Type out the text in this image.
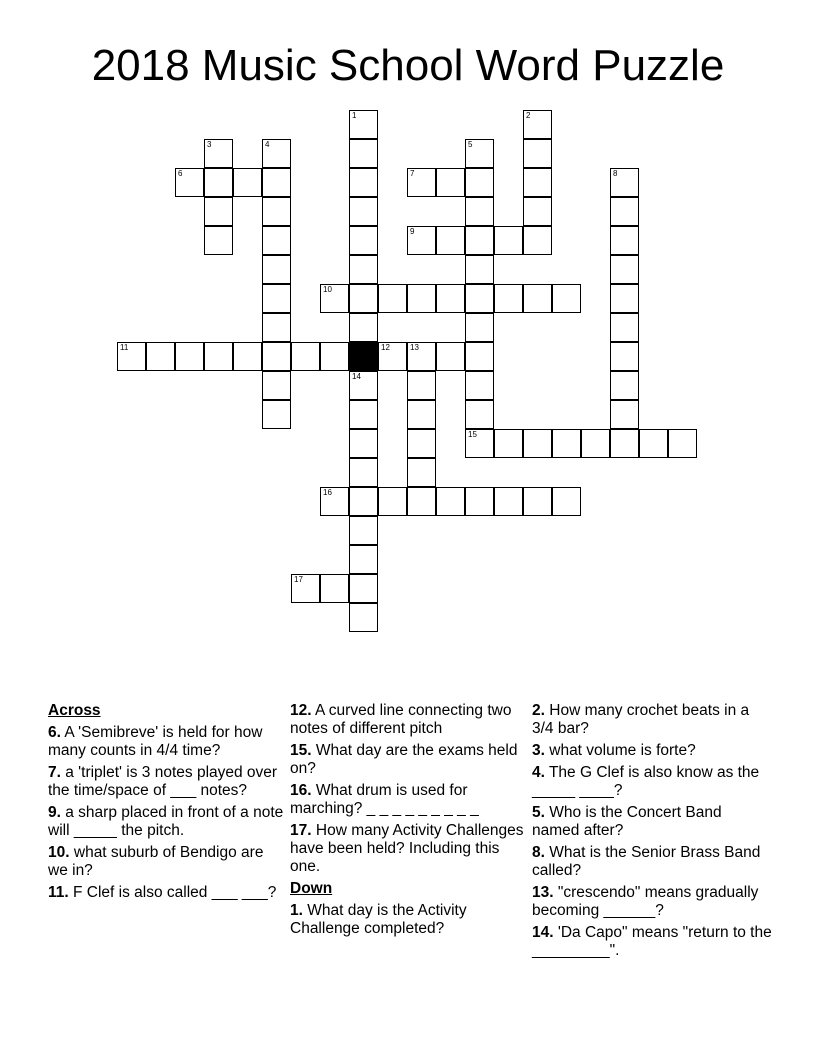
2018 Music School Word Puzzle
1	2
3	4	5
6	7	8
9
10
11	12	13
14
15
16
17
Across
6. A 'Semibreve' is held for how many counts in 4/4 time?
7. a 'triplet' is 3 notes played over the time/space of ___ notes?
9. a sharp placed in front of a note will _____ the pitch.
10. what suburb of Bendigo are we in?
11. F Clef is also called ___ ___?
12. A curved line connecting two notes of different pitch
15. What day are the exams held on?
16. What drum is used for marching? _ _ _ _ _ _ _ _ _
17. How many Activity Challenges have been held? Including this one.
Down
1. What day is the Activity Challenge completed?
2. How many crochet beats in a 3/4 bar?
3. what volume is forte?
4. The G Clef is also know as the _____ ____?
5. Who is the Concert Band named after?
8. What is the Senior Brass Band called?
13. "crescendo" means gradually becoming ______?
14. 'Da Capo" means "return to the _________".
